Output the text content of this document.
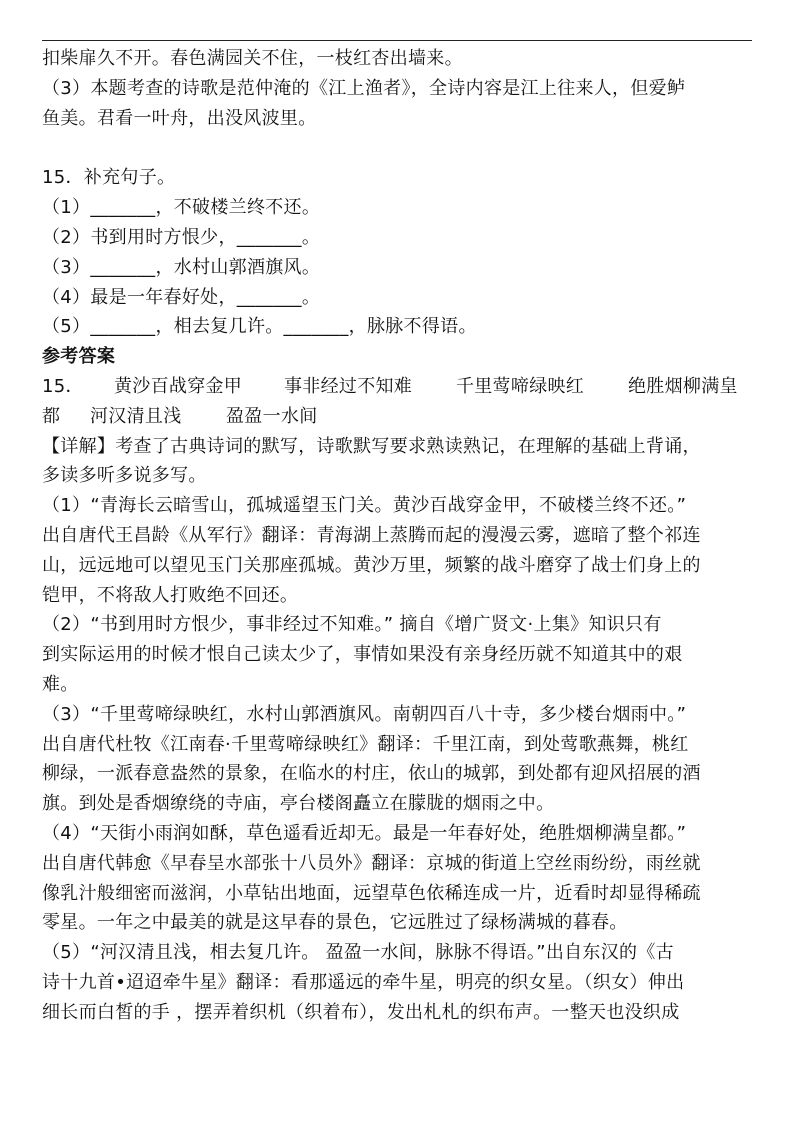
扣柴扉久不开。春色满园关不住，一枝红杏出墙来。
（3）本题考查的诗歌是范仲淹的《江上渔者》，全诗内容是江上往来人，但爱鲈
鱼美。君看一叶舟，出没风波里。
15．补充句子。
（1）_______，不破楼兰终不还。
（2）书到用时方恨少，_______。
（3）_______，水村山郭酒旗风。
（4）最是一年春好处，_______。
（5）_______，相去复几许。_______，脉脉不得语。
参考答案
15． 黄沙百战穿金甲 事非经过不知难 千里莺啼绿映红 绝胜烟柳满皇
都 河汉清且浅 盈盈一水间
【详解】考查了古典诗词的默写，诗歌默写要求熟读熟记，在理解的基础上背诵，
多读多听多说多写。
（1）“青海长云暗雪山，孤城遥望玉门关。黄沙百战穿金甲，不破楼兰终不还。”
出自唐代王昌龄《从军行》翻译：青海湖上蒸腾而起的漫漫云雾，遮暗了整个祁连
山，远远地可以望见玉门关那座孤城。黄沙万里，频繁的战斗磨穿了战士们身上的
铠甲，不将敌人打败绝不回还。
（2）“书到用时方恨少，事非经过不知难。” 摘自《增广贤文·上集》知识只有
到实际运用的时候才恨自己读太少了，事情如果没有亲身经历就不知道其中的艰
难。
（3）“千里莺啼绿映红，水村山郭酒旗风。南朝四百八十寺，多少楼台烟雨中。”
出自唐代杜牧《江南春·千里莺啼绿映红》翻译：千里江南，到处莺歌燕舞，桃红
柳绿，一派春意盎然的景象，在临水的村庄，依山的城郭，到处都有迎风招展的酒
旗。到处是香烟缭绕的寺庙，亭台楼阁矗立在朦胧的烟雨之中。
（4）“天街小雨润如酥，草色遥看近却无。最是一年春好处，绝胜烟柳满皇都。”
出自唐代韩愈《早春呈水部张十八员外》翻译：京城的街道上空丝雨纷纷，雨丝就
像乳汁般细密而滋润，小草钻出地面，远望草色依稀连成一片，近看时却显得稀疏
零星。一年之中最美的就是这早春的景色，它远胜过了绿杨满城的暮春。
（5）“河汉清且浅，相去复几许。 盈盈一水间，脉脉不得语。”出自东汉的《古
诗十九首•迢迢牵牛星》翻译：看那遥远的牵牛星，明亮的织女星。（织女）伸出
细长而白皙的手 ，摆弄着织机（织着布），发出札札的织布声。一整天也没织成
